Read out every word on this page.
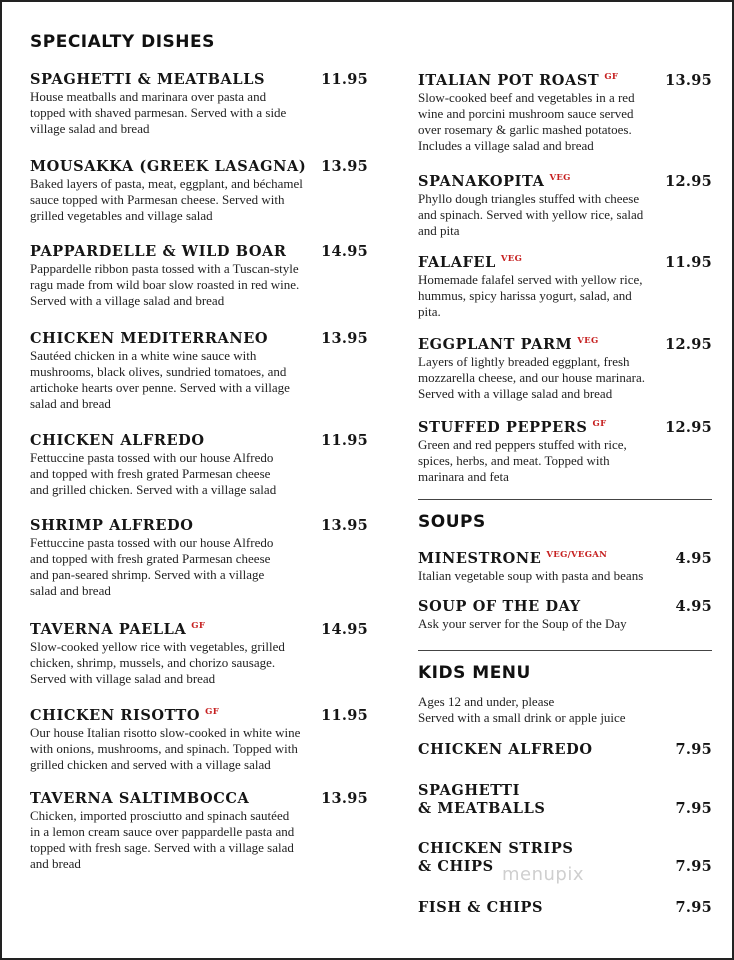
SPECIALTY DISHES
SPAGHETTI & MEATBALLS	11.95
House meatballs and marinara over pasta and
topped with shaved parmesan. Served with a side
village salad and bread
MOUSAKKA (GREEK LASAGNA) 13.95
Baked layers of pasta, meat, eggplant, and béchamel
sauce topped with Parmesan cheese. Served with
grilled vegetables and village salad
PAPPARDELLE & WILD BOAR 14.95
Pappardelle ribbon pasta tossed with a Tuscan-style
ragu made from wild boar slow roasted in red wine.
Served with a village salad and bread
CHICKEN MEDITERRANEO	13.95
Sautéed chicken in a white wine sauce with
mushrooms, black olives, sundried tomatoes, and
artichoke hearts over penne. Served with a village
salad and bread
CHICKEN ALFREDO	11.95
Fettuccine pasta tossed with our house Alfredo
and topped with fresh grated Parmesan cheese
and grilled chicken. Served with a village salad
SHRIMP ALFREDO	13.95
Fettuccine pasta tossed with our house Alfredo
and topped with fresh grated Parmesan cheese
and pan-seared shrimp. Served with a village
salad and bread
TAVERNA PAELLA $^{GF}$	14.95
Slow-cooked yellow rice with vegetables, grilled
chicken, shrimp, mussels, and chorizo sausage.
Served with village salad and bread
CHICKEN RISOTTO $^{GF}$	11.95
Our house Italian risotto slow-cooked in white wine
with onions, mushrooms, and spinach. Topped with
grilled chicken and served with a village salad
TAVERNA SALTIMBOCCA	13.95
Chicken, imported prosciutto and spinach sautéed
in a lemon cream sauce over pappardelle pasta and
topped with fresh sage. Served with a village salad
and bread
ITALIAN POT ROAST $^{GF}$	13.95
Slow-cooked beef and vegetables in a red
wine and porcini mushroom sauce served
over rosemary & garlic mashed potatoes.
Includes a village salad and bread
SPANAKOPITA $^{VEG}$	12.95
Phyllo dough triangles stuffed with cheese
and spinach. Served with yellow rice, salad
and pita
FALAFEL $^{VEG}$	11.95
Homemade falafel served with yellow rice,
hummus, spicy harissa yogurt, salad, and
pita.
EGGPLANT PARM $^{VEG}$	12.95
Layers of lightly breaded eggplant, fresh
mozzarella cheese, and our house marinara.
Served with a village salad and bread
STUFFED PEPPERS $^{GF}$	12.95
Green and red peppers stuffed with rice,
spices, herbs, and meat. Topped with
marinara and feta
SOUPS
MINESTRONE $^{VEG/VEGAN}$	4.95
Italian vegetable soup with pasta and beans
SOUP OF THE DAY	4.95
Ask your server for the Soup of the Day
KIDS MENU
Ages 12 and under, please
Served with a small drink or apple juice
CHICKEN ALFREDO	7.95
SPAGHETTI
& MEATBALLS	7.95
CHICKEN STRIPS
& CHIPS	7.95
FISH & CHIPS	7.95
menupix
